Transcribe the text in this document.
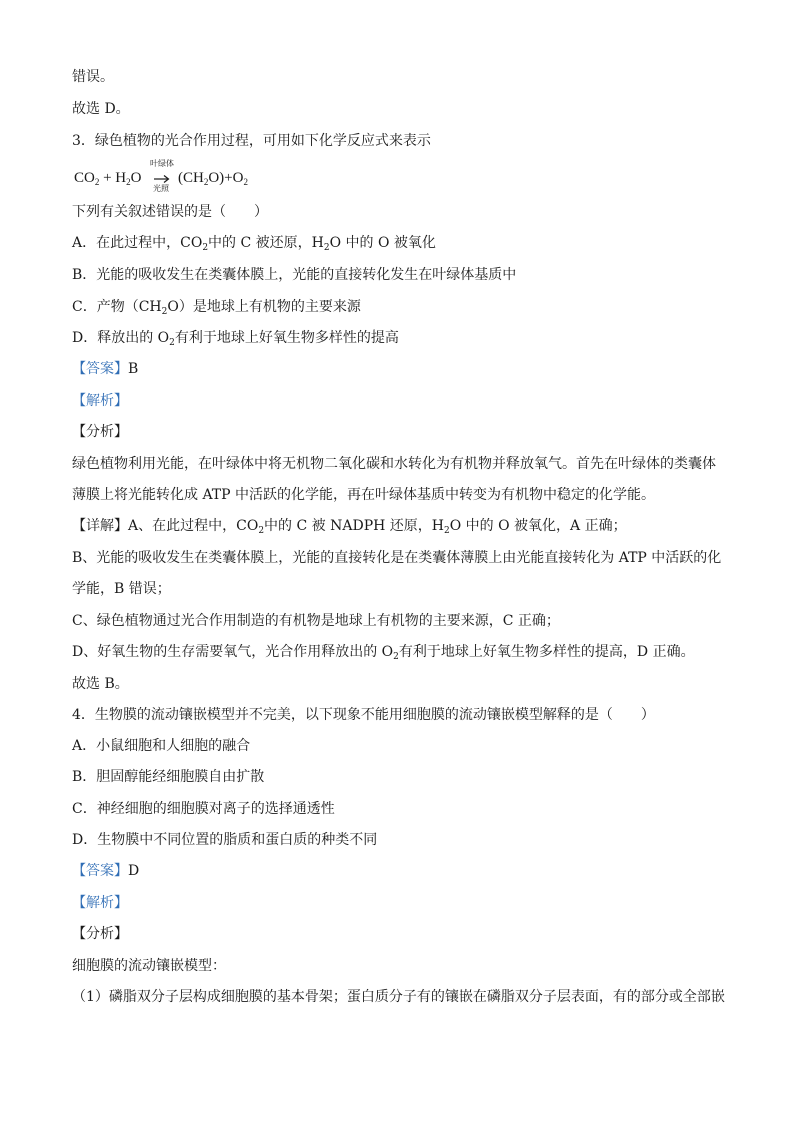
错误。
故选 D。
3．绿色植物的光合作用过程，可用如下化学反应式来表示
$CO_2 + H_2O$
叶绿体
光照
$(CH_2O)+O_2$
下列有关叙述错误的是（　　）
A．在此过程中，$CO_2$中的 C 被还原，$H_2O$ 中的 O 被氧化
B．光能的吸收发生在类囊体膜上，光能的直接转化发生在叶绿体基质中
C．产物$(CH_2O)$是地球上有机物的主要来源
D．释放出的 $O_2$有利于地球上好氧生物多样性的提高
【答案】B
【解析】
【分析】
绿色植物利用光能，在叶绿体中将无机物二氧化碳和水转化为有机物并释放氧气。首先在叶绿体的类囊体
薄膜上将光能转化成 ATP 中活跃的化学能，再在叶绿体基质中转变为有机物中稳定的化学能。
【详解】A、在此过程中，$CO_2$中的 C 被 NADPH 还原，$H_2O$ 中的 O 被氧化，A 正确；
B、光能的吸收发生在类囊体膜上，光能的直接转化是在类囊体薄膜上由光能直接转化为 ATP 中活跃的化
学能，B 错误；
C、绿色植物通过光合作用制造的有机物是地球上有机物的主要来源，C 正确；
D、好氧生物的生存需要氧气，光合作用释放出的 $O_2$有利于地球上好氧生物多样性的提高，D 正确。
故选 B。
4．生物膜的流动镶嵌模型并不完美，以下现象不能用细胞膜的流动镶嵌模型解释的是（　　）
A．小鼠细胞和人细胞的融合
B．胆固醇能经细胞膜自由扩散
C．神经细胞的细胞膜对离子的选择通透性
D．生物膜中不同位置的脂质和蛋白质的种类不同
【答案】D
【解析】
【分析】
细胞膜的流动镶嵌模型：
（1）磷脂双分子层构成细胞膜的基本骨架；蛋白质分子有的镶嵌在磷脂双分子层表面，有的部分或全部嵌
